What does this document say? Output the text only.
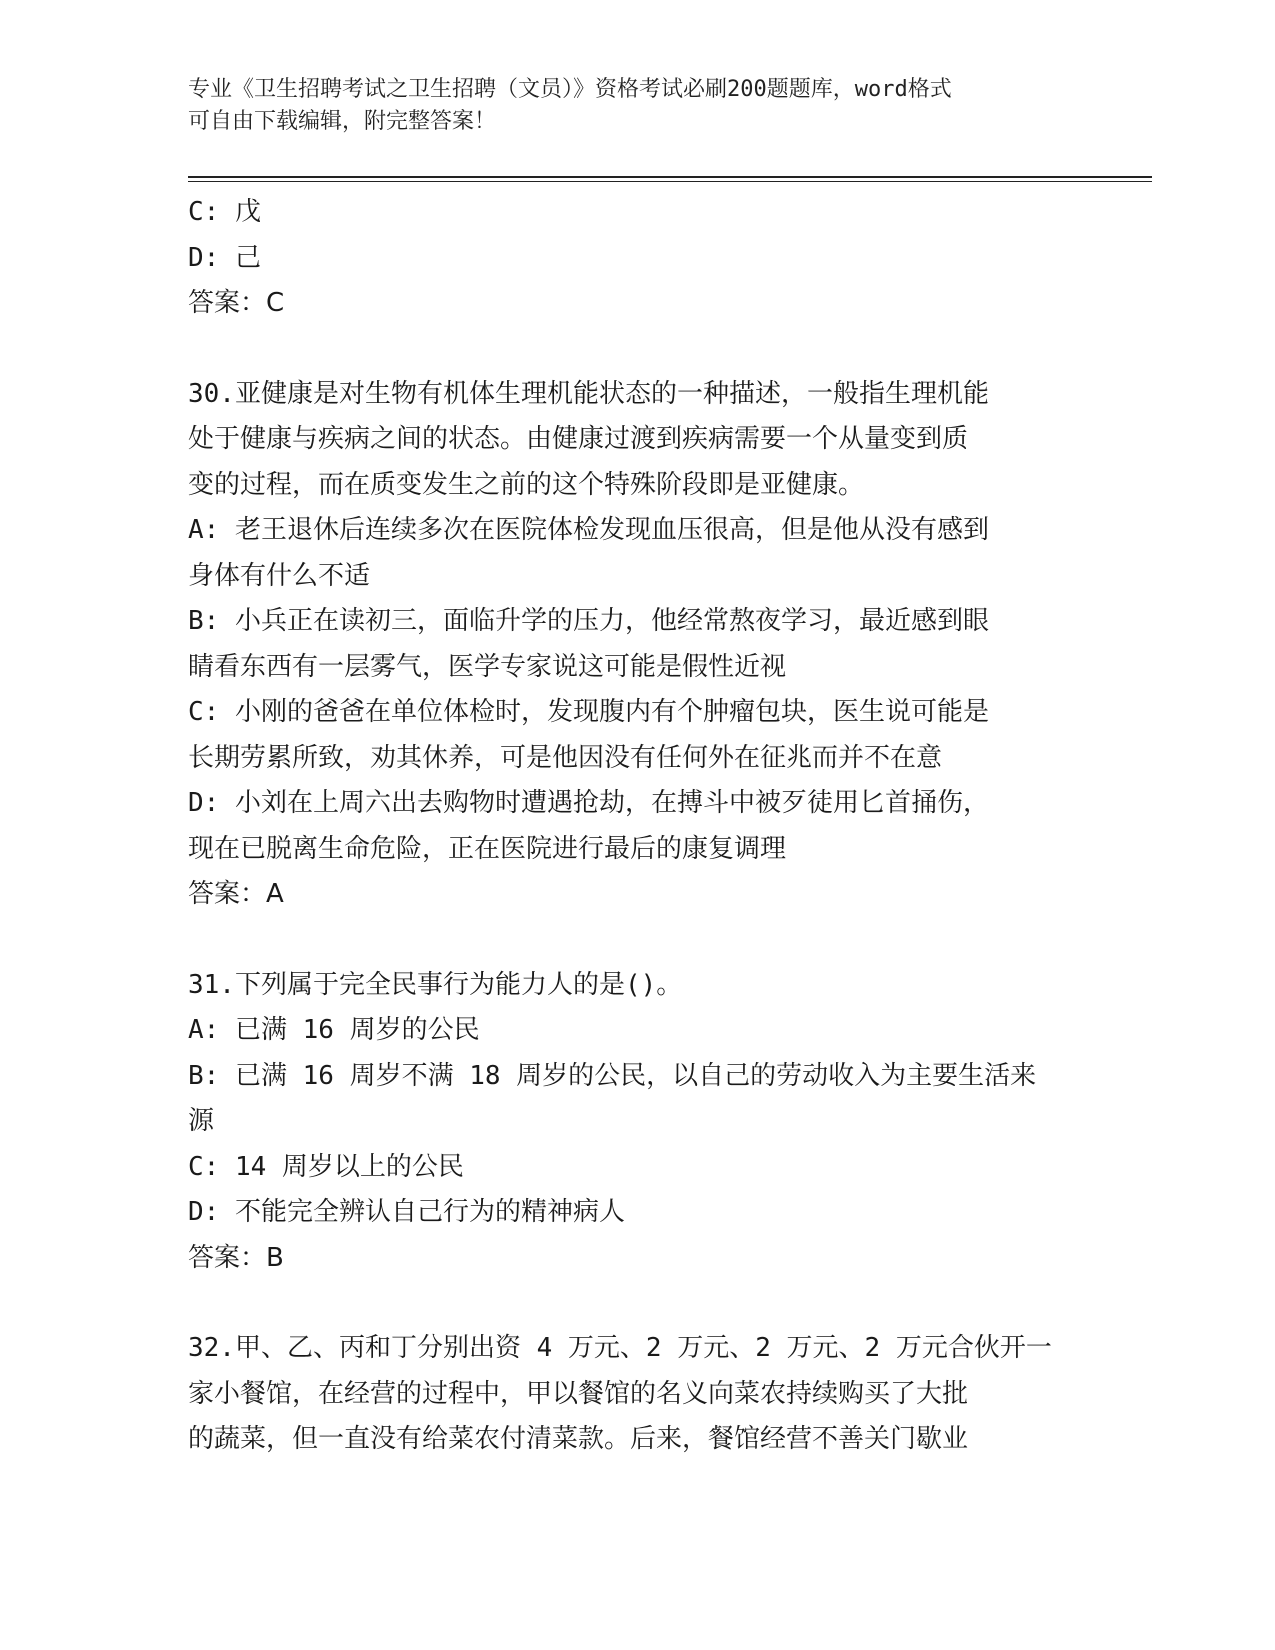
专业《卫生招聘考试之卫生招聘（文员）》资格考试必刷200题题库，word格式
可自由下载编辑，附完整答案！
C: 戊
D: 己
答案：C
30.亚健康是对生物有机体生理机能状态的一种描述，一般指生理机能
处于健康与疾病之间的状态。由健康过渡到疾病需要一个从量变到质
变的过程，而在质变发生之前的这个特殊阶段即是亚健康。
A: 老王退休后连续多次在医院体检发现血压很高，但是他从没有感到
身体有什么不适
B: 小兵正在读初三，面临升学的压力，他经常熬夜学习，最近感到眼
睛看东西有一层雾气，医学专家说这可能是假性近视
C: 小刚的爸爸在单位体检时，发现腹内有个肿瘤包块，医生说可能是
长期劳累所致，劝其休养，可是他因没有任何外在征兆而并不在意
D: 小刘在上周六出去购物时遭遇抢劫，在搏斗中被歹徒用匕首捅伤，
现在已脱离生命危险，正在医院进行最后的康复调理
答案：A
31.下列属于完全民事行为能力人的是()。
A: 已满 16 周岁的公民
B: 已满 16 周岁不满 18 周岁的公民，以自己的劳动收入为主要生活来
源
C: 14 周岁以上的公民
D: 不能完全辨认自己行为的精神病人
答案：B
32.甲、乙、丙和丁分别出资 4 万元、2 万元、2 万元、2 万元合伙开一
家小餐馆，在经营的过程中，甲以餐馆的名义向菜农持续购买了大批
的蔬菜，但一直没有给菜农付清菜款。后来，餐馆经营不善关门歇业
